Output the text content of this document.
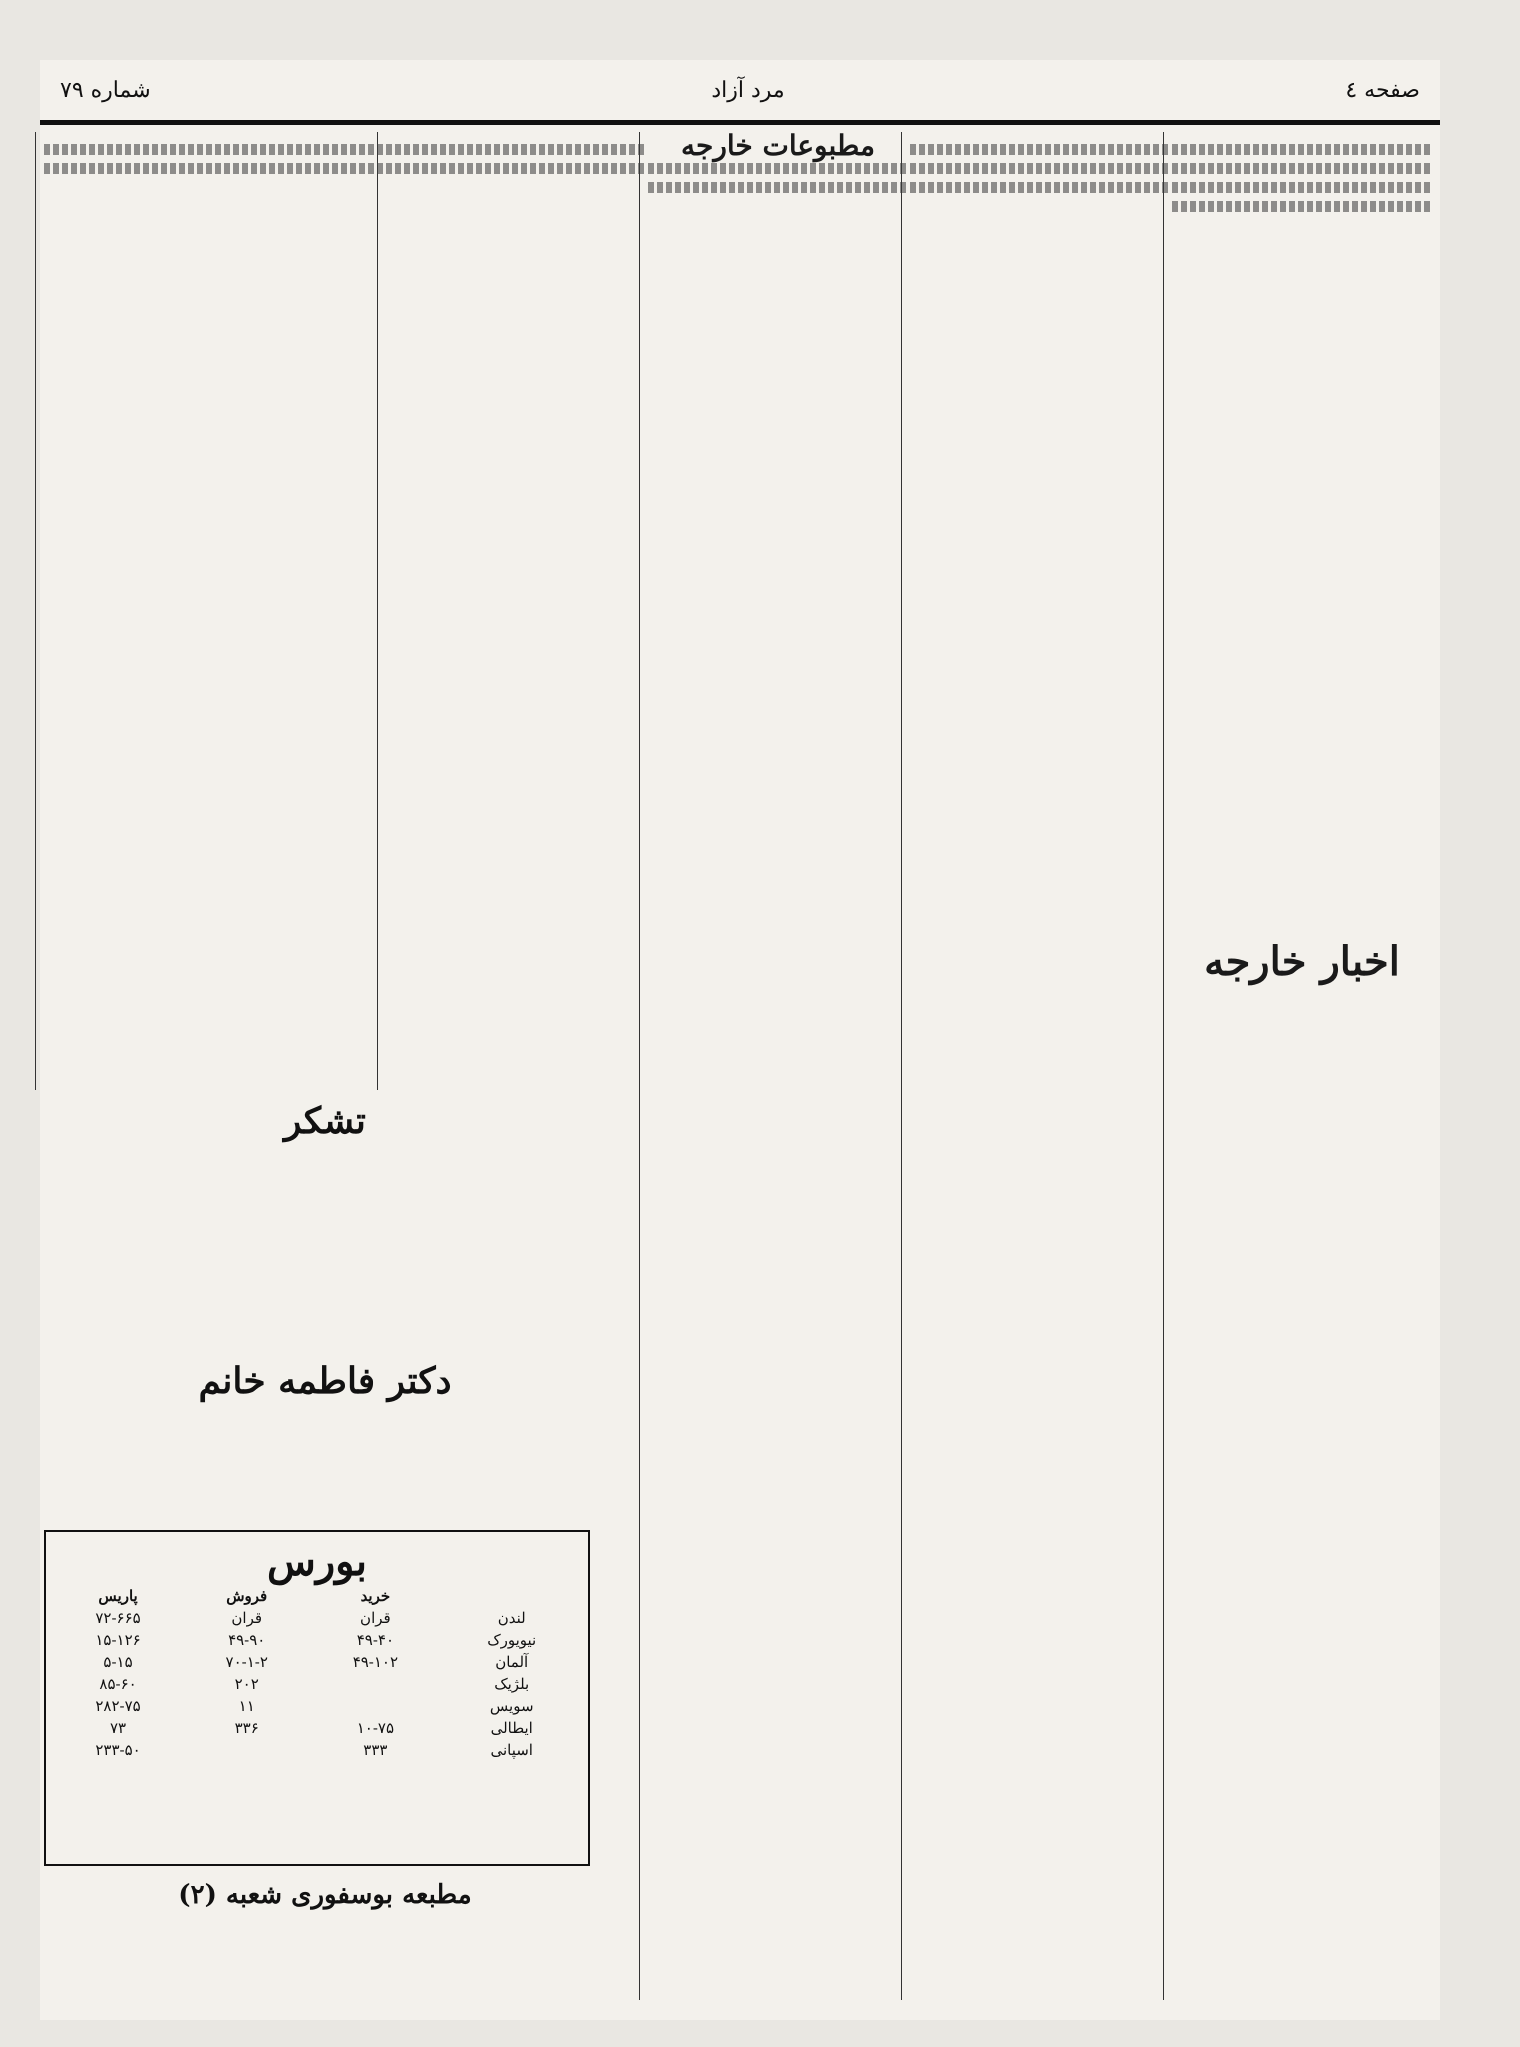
صفحه ٤
مرد آزاد
شماره ۷۹
اخبار خارجه
مطبوعات خارجه
تشکر
دکتر فاطمه خانم
بورس
	خرید	فروش	پاریس
لندن	قران	قران	۷۲-۶۶۵
نیویورک	۴۹-۴۰	۴۹-۹۰	۱۵-۱۲۶
آلمان	۴۹-۱۰۲	۷۰-۱-۲	۵-۱۵
بلژیک		۲۰۲	۸۵-۶۰
سویس		۱۱	۲۸۲-۷۵
ایطالی	۱۰-۷۵	۳۳۶	۷۳
اسپانی	۳۳۳		۲۳۳-۵۰
مطبعه بوسفوری شعبه (۲)
